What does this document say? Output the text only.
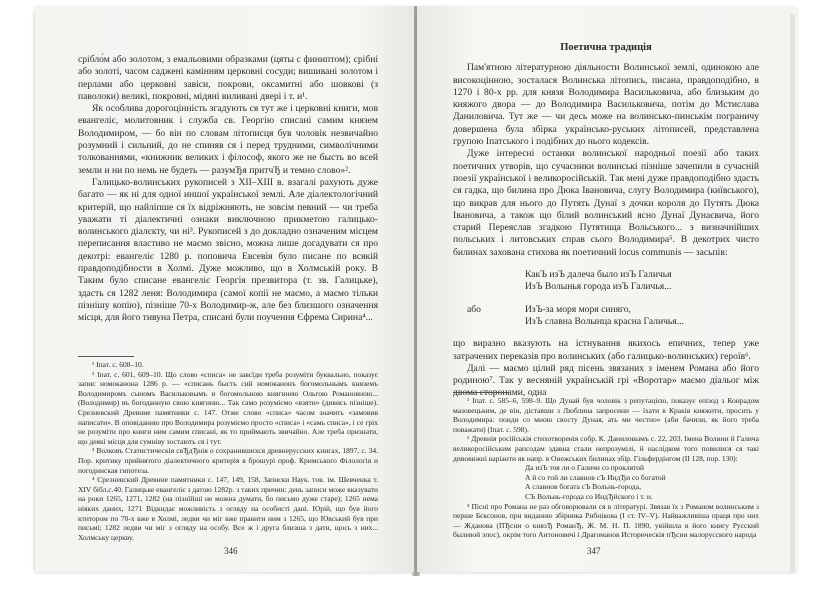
срібло́м або золотом, з емальовими образками (цяты с финиптом); срібні або золоті, часом саджені камінням церковні сосуди; вишивані золотом і перлами або церковні завіси, покрови, оксамитні або шовкові (з паволоки) великі, покровні, мідяні виливані двері і т. и¹.

Як особлива дорогоцінність згадують ся тут же і церковні книги, мов евангеліє, молитовник і служба св. Георгію списані самим князем Володимиром, — бо він по словам літописця був чоловік незвичайно розумний і сильний, до не спиняв ся і перед трудними, символічними толкованнями, «книжник великих і філософ, якого же не бысть во всей земли и ни по немь не будеть — разумЂя притчЂ и темно слово»².

Галицько-волинських рукописей з XII–XIII в. взагалі рахують дуже багато — як ні для одної иншої української землі. Але діалектологічний критерій, що найліпше ся їх відріжняють, не зовсім певний — чи треба уважати ті діалектичні ознаки виключною прикметою галицько-волинського діалєкту, чи ні³. Рукописей з до докладно означеним місцем переписання властиво не маємо звісно, можна лише догадувати ся про декотрі: евангеліє 1280 р. поповича Евсевія було писане по всякій правдоподібности в Холмі. Дуже можливо, що в Холмській рокy. В Таким було списане евангеліє Георгія презвитора (т. зв. Галицьке), здасть ся 1282 леня: Володимира (самої копії не маємо, а маємо тільки пізнішу копію), пізніше 70-х Володимир-ж, але без близшого означення місця, для його тивуна Петра, списані були поучення Єфрема Сирина⁴...

¹ Іпат. с. 608–10.

² Іпат. с. 601, 609–10. Що слово «списа» не завсїди треба розуміти буквально, показує запис номоканона 1286 р. — «списань бысть сий номоканонъ богомольнымъ княземъ Володимиромъ сыномъ Васильковымъ и богомольною княгинею Ольгою Романовною... (Володимир) въ богоданную свою княгиню... Так само розуміємо «взяти» (дивись пізніше). Срезневский Древние памятники с. 147. Отже слово «списа» часом значить «замовив написати». В оповіданню про Володимира розуміємо просто «списа» і «самь списа», і се гріх не розуміти про книги ним самим списані, як то приймають звичайно. Але треба признати, що деякі місця для сумніву зостають ся і тут.

³ Волковъ Статистическія свЂдЂнія о сохранившихся древнерусских книгах, 1897, с. 34. Пор. критику прийнятого діалектичного критерія в брошурі проф. Кримського Філологія и погодинская гипотеза.

⁴ Срезневский Древние памятники с. 147, 149, 158, Записки Наук. тов. ім. Шевченка т. XIV бібл.с.40. Галицьке евангеліє з датою 1282р. з таких причин: день записи може вказувати на роки 1265, 1271, 1282 (на пізнїйші не можна думати, бо письмо дуже старе); 1265 нема ніяких даних, 1271 Відкидає можливість з огляду на особисті дані. Юрій, що був його ктитором по 70-х вже в Холмі, ледви чи мiг вже правити ним з 1265, що Ювський був при письмі; 1282 ледви чи міг з огляду на особу. Все ж і друга близша з дати, щось з них... Холмську церкву.

346
Поетична традиція

Пам'ятною літературною діяльности Волинської землі, одинокою але високоцінною, зосталася Волинська літопись, писана, правдоподібно, в 1270 і 80-х рр. для князя Володимира Васильковича, або близьким до княжого двора — до Володимира Васильковича, потім до Мстислава Даниловича. Тут же — чи десь може на волинсько-пинськім пограничу довершена була збірка українсько-руських літописей, представлена групою Іпатського і подібних до нього кодексів.

Дуже інтересні останки волинської народньої поезії або таких поетичних утворів, що сучасники волинські пізніше зачепили в сучасній поезії української і великоросійській. Так мені дуже правдоподібно здасть ся гадка, що билина про Дюка Івановича, слугу Володимира (київського), що викрав для нього до Путять Дунаї з дочки короля до Путять Дюка Івановича, а також що білий волинський ясно Дунаї Дунаєвича, його старий Переяслав згадкою Путятища Вольського... з визначнійших польських і литовських справ сього Володимира⁵. В декотрих чисто билинах захована стихова як поетичний locus communis — засьпів:

КакЪ изЪ далеча было изЪ Галичья

ИзЪ Волынья города изЪ Галичья...

або	ИзЪ-за моря моря синяго,

ИзЪ славна Волынца красна Галичья...

що виразно вказують на істнування якихось епичних, тепер уже затрачених переказів про волинських (або галицько-волинських) героїв⁶.

Далі — маємо цілий ряд пісень звязаних з іменем Романа або його родиною⁷. Так у весняній українській грі «Воротар» маємо діальог між двома сторонами, одна

¹ Іпат. с. 585–6, 598–9. Що Дунай був чоловік з репутацією, показує епізод з Конрадом мазовецьким, де він, діставши з Люблина запросини — їхати в Краків княжити, просить у Володимира: поиди со мною свосту Дуная, ать ми честно» (аби бачили, як його треба поважати) (Іпат. с. 598).

² Древнія російськія стихотворенія собр. К. Даниловымъ с. 22, 203. Імена Волини й Галича великоросійським рапсодам здавна стали непрозумілі, й наслідком того повилися ся такі дивовижні варіанти як напр. в Онежських билинах збір. Гільфердінгом (ІІ 128, пор. 130):

Да изЪ тоя ли о Галичи со проклятой

А й со той ли славнов сЪ ИндЂи со богатой

А славнов богата сЪ Вольнь-города,

СЪ Вольнь-города со ИндЂйского і т. и.

³ Пісні про Романа не раз обговорювали ся в літературі. Звязав їх з Романом волинським з першe Бєксонов, при виданню збірника Рибнікова (І ст. ІV–V). Найважливіша праця про них — Жданова (ПЂсни о князЂ РоманЂ, Ж. М. Н. П. 1890, увійшла в його книгу Русский былевой эпос), окрім того Антоновичі і Драгоманов Историческія пЂсни малорусского народа

347
